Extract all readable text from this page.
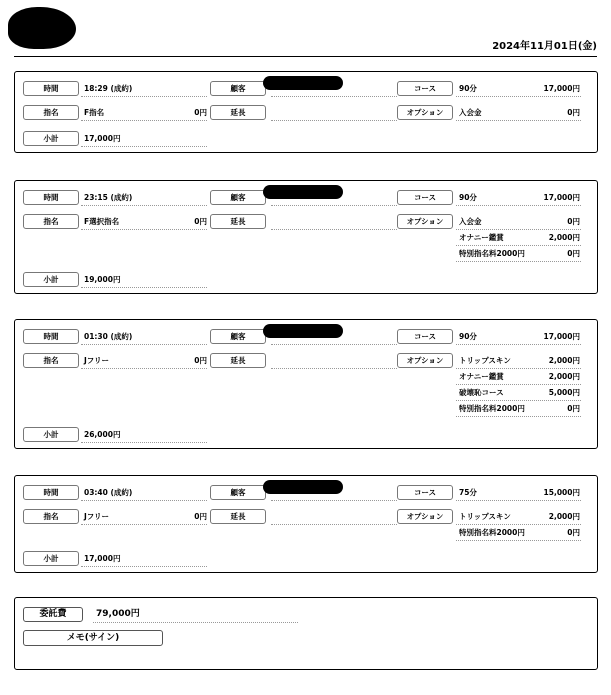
2024年11月01日(金)
時間	18:29 (成約)	顧客	コース	90分	17,000円
指名	F指名	0円	延長	オプション	入会金	0円
小計	17,000円
時間	23:15 (成約)	顧客	コース	90分	17,000円
指名	F選択指名	0円	延長	オプション	入会金	0円
オナニー鑑賞	2,000円
特別指名料2000円	0円
小計	19,000円
時間	01:30 (成約)	顧客	コース	90分	17,000円
指名	Jフリー	0円	延長	オプション	トリップスキン	2,000円
オナニー鑑賞	2,000円
破壊恥コース	5,000円
特別指名料2000円	0円
小計	26,000円
時間	03:40 (成約)	顧客	コース	75分	15,000円
指名	Jフリー	0円	延長	オプション	トリップスキン	2,000円
特別指名料2000円	0円
小計	17,000円
委託費	79,000円
メモ(サイン)
